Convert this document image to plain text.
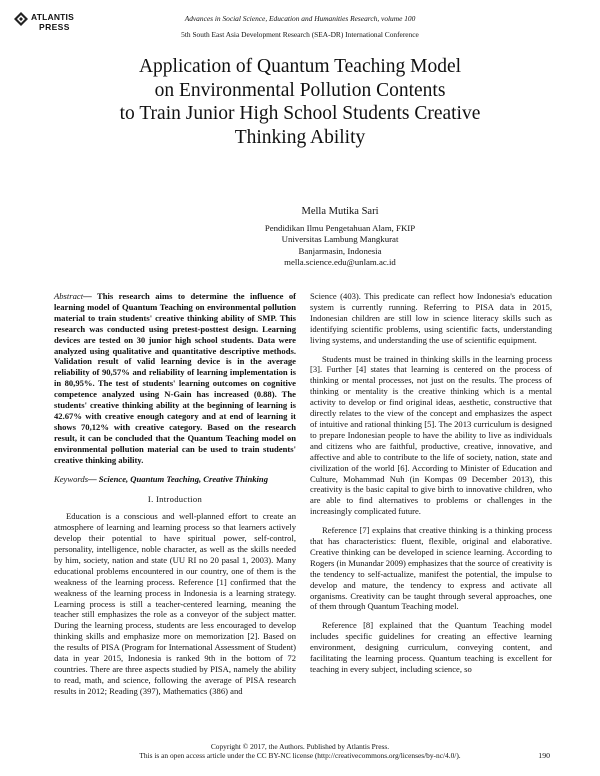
ATLANTIS
PRESS
Advances in Social Science, Education and Humanities Research, volume 100
5th South East Asia Development Research (SEA-DR) International Conference
Application of Quantum Teaching Model
on Environmental Pollution Contents
to Train Junior High School Students Creative
Thinking Ability
Mella Mutika Sari
Pendidikan Ilmu Pengetahuan Alam, FKIP
Universitas Lambung Mangkurat
Banjarmasin, Indonesia
mella.science.edu@unlam.ac.id

Abstract— This research aims to determine the influence of learning model of Quantum Teaching on environmental pollution material to train students' creative thinking ability of SMP. This research was conducted using pretest-posttest design. Learning devices are tested on 30 junior high school students. Data were analyzed using qualitative and quantitative descriptive methods. Validation result of valid learning device is in the average reliability of 90,57% and reliability of learning implementation is in 80,95%. The test of students' learning outcomes on cognitive competence analyzed using N-Gain has increased (0.88). The students' creative thinking ability at the beginning of learning is 42.67% with creative enough category and at end of learning it shows 70,12% with creative category. Based on the research result, it can be concluded that the Quantum Teaching model on environmental pollution material can be used to train students' creative thinking ability.

Keywords— Science, Quantum Teaching, Creative Thinking

I. Introduction

Education is a conscious and well-planned effort to create an atmosphere of learning and learning process so that learners actively develop their potential to have spiritual power, self-control, personality, intelligence, noble character, as well as the skills needed by him, society, nation and state (UU RI no 20 pasal 1, 2003). Many educational problems encountered in our country, one of them is the weakness of the learning process. Reference [1] confirmed that the weakness of the learning process in Indonesia is a learning strategy. Learning process is still a teacher-centered learning, meaning the teacher still emphasizes the role as a conveyor of the subject matter. During the learning process, students are less encouraged to develop thinking skills and emphasize more on memorization [2]. Based on the results of PISA (Program for International Assessment of Student) data in year 2015, Indonesia is ranked 9th in the bottom of 72 countries. There are three aspects studied by PISA, namely the ability to read, math, and science, following the average of PISA research results in 2012; Reading (397), Mathematics (386) and

Science (403). This predicate can reflect how Indonesia's education system is currently running. Referring to PISA data in 2015, Indonesian children are still low in science literacy skills such as identifying scientific problems, using scientific facts, understanding living systems, and understanding the use of scientific equipment.

Students must be trained in thinking skills in the learning process [3]. Further [4] states that learning is centered on the process of thinking or mental processes, not just on the results. The process of thinking or mentality is the creative thinking which is a mental activity to develop or find original ideas, aesthetic, constructive that directly relates to the view of the concept and emphasizes the aspect of intuitive and rational thinking [5]. The 2013 curriculum is designed to prepare Indonesian people to have the ability to live as individuals and citizens who are faithful, productive, creative, innovative, and affective and able to contribute to the life of society, nation, state and civilization of the world [6]. According to Minister of Education and Culture, Mohammad Nuh (in Kompas 09 December 2013), this creativity is the basic capital to give birth to innovative children, who are able to find alternatives to problems or challenges in the increasingly complicated future.

Reference [7] explains that creative thinking is a thinking process that has characteristics: fluent, flexible, original and elaborative. Creative thinking can be developed in science learning. According to Rogers (in Munandar 2009) emphasizes that the source of creativity is the tendency to self-actualize, manifest the potential, the impulse to develop and mature, the tendency to express and activate all organisms. Creativity can be taught through several approaches, one of them through Quantum Teaching model.

Reference [8] explained that the Quantum Teaching model includes specific guidelines for creating an effective learning environment, designing curriculum, conveying content, and facilitating the learning process. Quantum teaching is excellent for teaching in every subject, including science, so

Copyright © 2017, the Authors. Published by Atlantis Press.
This is an open access article under the CC BY-NC license (http://creativecommons.org/licenses/by-nc/4.0/).	190
